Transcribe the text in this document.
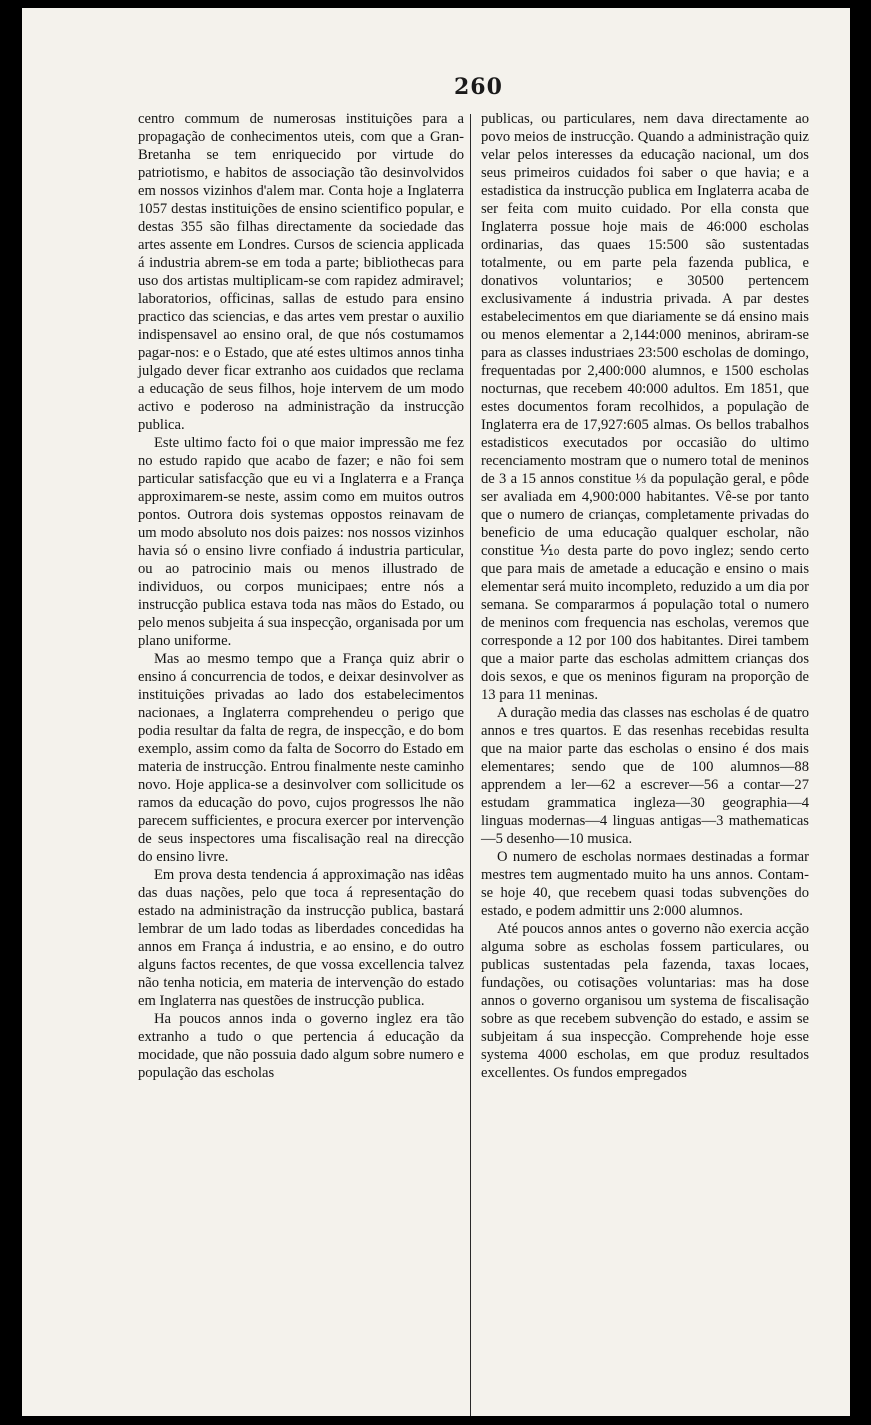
260

centro commum de numerosas instituições para a propagação de conhecimentos uteis, com que a Gran-Bretanha se tem enriquecido por virtude do patriotismo, e habitos de associação tão desinvolvidos em nossos vizinhos d'alem mar. Conta hoje a Inglaterra 1057 destas instituições de ensino scientifico popular, e destas 355 são filhas directamente da sociedade das artes assente em Londres. Cursos de sciencia applicada á industria abrem-se em toda a parte; bibliothecas para uso dos artistas multiplicam-se com rapidez admiravel; laboratorios, officinas, sallas de estudo para ensino practico das sciencias, e das artes vem prestar o auxilio indispensavel ao ensino oral, de que nós costumamos pagar-nos: e o Estado, que até estes ultimos annos tinha julgado dever ficar extranho aos cuidados que reclama a educação de seus filhos, hoje intervem de um modo activo e poderoso na administração da instrucção publica.

Este ultimo facto foi o que maior impressão me fez no estudo rapido que acabo de fazer; e não foi sem particular satisfacção que eu vi a Inglaterra e a França approximarem-se neste, assim como em muitos outros pontos. Outrora dois systemas oppostos reinavam de um modo absoluto nos dois paizes: nos nossos vizinhos havia só o ensino livre confiado á industria particular, ou ao patrocinio mais ou menos illustrado de individuos, ou corpos municipaes; entre nós a instrucção publica estava toda nas mãos do Estado, ou pelo menos subjeita á sua inspecção, organisada por um plano uniforme.

Mas ao mesmo tempo que a França quiz abrir o ensino á concurrencia de todos, e deixar desinvolver as instituições privadas ao lado dos estabelecimentos nacionaes, a Inglaterra comprehendeu o perigo que podia resultar da falta de regra, de inspecção, e do bom exemplo, assim como da falta de Socorro do Estado em materia de instrucção. Entrou finalmente neste caminho novo. Hoje applica-se a desinvolver com sollicitude os ramos da educação do povo, cujos progressos lhe não parecem sufficientes, e procura exercer por intervenção de seus inspectores uma fiscalisação real na direcção do ensino livre.

Em prova desta tendencia á approximação nas idêas das duas nações, pelo que toca á representação do estado na administração da instrucção publica, bastará lembrar de um lado todas as liberdades concedidas ha annos em França á industria, e ao ensino, e do outro alguns factos recentes, de que vossa excellencia talvez não tenha noticia, em materia de intervenção do estado em Inglaterra nas questões de instrucção publica.

Ha poucos annos inda o governo inglez era tão extranho a tudo o que pertencia á educação da mocidade, que não possuia dado algum sobre numero e população das escholas

publicas, ou particulares, nem dava directamente ao povo meios de instrucção. Quando a administração quiz velar pelos interesses da educação nacional, um dos seus primeiros cuidados foi saber o que havia; e a estadistica da instrucção publica em Inglaterra acaba de ser feita com muito cuidado. Por ella consta que Inglaterra possue hoje mais de 46:000 escholas ordinarias, das quaes 15:500 são sustentadas totalmente, ou em parte pela fazenda publica, e donativos voluntarios; e 30500 pertencem exclusivamente á industria privada. A par destes estabelecimentos em que diariamente se dá ensino mais ou menos elementar a 2,144:000 meninos, abriram-se para as classes industriaes 23:500 escholas de domingo, frequentadas por 2,400:000 alumnos, e 1500 escholas nocturnas, que recebem 40:000 adultos. Em 1851, que estes documentos foram recolhidos, a população de Inglaterra era de 17,927:605 almas. Os bellos trabalhos estadisticos executados por occasião do ultimo recenciamento mostram que o numero total de meninos de 3 a 15 annos constitue ⅓ da população geral, e pôde ser avaliada em 4,900:000 habitantes. Vê-se por tanto que o numero de crianças, completamente privadas do beneficio de uma educação qualquer escholar, não constitue ⅒ desta parte do povo inglez; sendo certo que para mais de ametade a educação e ensino o mais elementar será muito incompleto, reduzido a um dia por semana. Se compararmos á população total o numero de meninos com frequencia nas escholas, veremos que corresponde a 12 por 100 dos habitantes. Direi tambem que a maior parte das escholas admittem crianças dos dois sexos, e que os meninos figuram na proporção de 13 para 11 meninas.

A duração media das classes nas escholas é de quatro annos e tres quartos. E das resenhas recebidas resulta que na maior parte das escholas o ensino é dos mais elementares; sendo que de 100 alumnos—88 apprendem a ler—62 a escrever—56 a contar—27 estudam grammatica ingleza—30 geographia—4 linguas modernas—4 linguas antigas—3 mathematicas—5 desenho—10 musica.

O numero de escholas normaes destinadas a formar mestres tem augmentado muito ha uns annos. Contam-se hoje 40, que recebem quasi todas subvenções do estado, e podem admittir uns 2:000 alumnos.

Até poucos annos antes o governo não exercia acção alguma sobre as escholas fossem particulares, ou publicas sustentadas pela fazenda, taxas locaes, fundações, ou cotisações voluntarias: mas ha dose annos o governo organisou um systema de fiscalisação sobre as que recebem subvenção do estado, e assim se subjeitam á sua inspecção. Comprehende hoje esse systema 4000 escholas, em que produz resultados excellentes. Os fundos empregados
